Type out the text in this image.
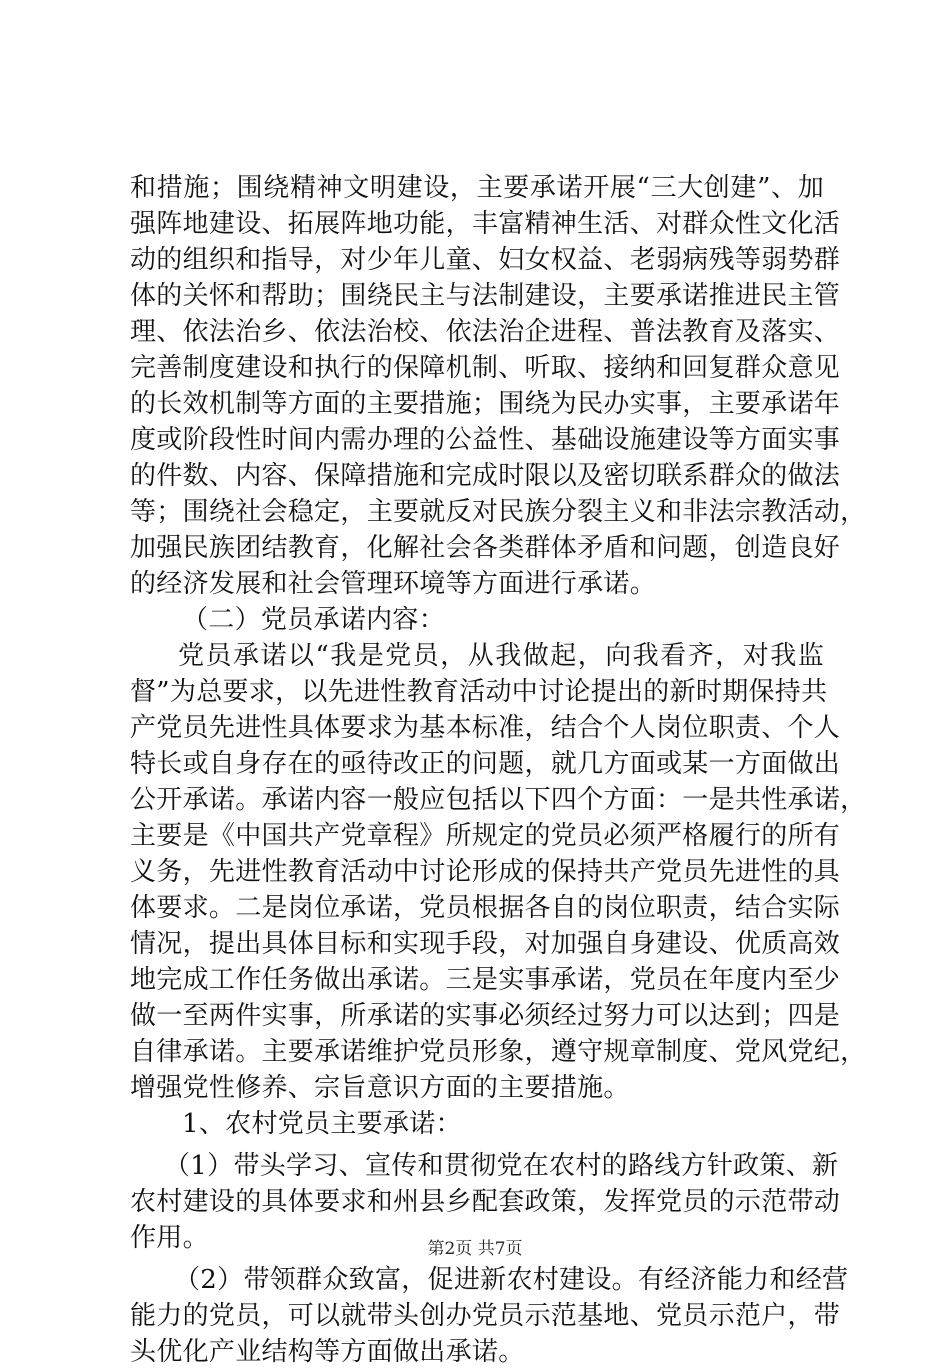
和措施；围绕精神文明建设，主要承诺开展“三大创建”、加
强阵地建设、拓展阵地功能，丰富精神生活、对群众性文化活
动的组织和指导，对少年儿童、妇女权益、老弱病残等弱势群
体的关怀和帮助；围绕民主与法制建设，主要承诺推进民主管
理、依法治乡、依法治校、依法治企进程、普法教育及落实、
完善制度建设和执行的保障机制、听取、接纳和回复群众意见
的长效机制等方面的主要措施；围绕为民办实事，主要承诺年
度或阶段性时间内需办理的公益性、基础设施建设等方面实事
的件数、内容、保障措施和完成时限以及密切联系群众的做法
等；围绕社会稳定，主要就反对民族分裂主义和非法宗教活动，
加强民族团结教育，化解社会各类群体矛盾和问题，创造良好
的经济发展和社会管理环境等方面进行承诺。
（二）党员承诺内容：
党员承诺以“我是党员，从我做起，向我看齐，对我监
督”为总要求，以先进性教育活动中讨论提出的新时期保持共
产党员先进性具体要求为基本标准，结合个人岗位职责、个人
特长或自身存在的亟待改正的问题，就几方面或某一方面做出
公开承诺。承诺内容一般应包括以下四个方面：一是共性承诺，
主要是《中国共产党章程》所规定的党员必须严格履行的所有
义务，先进性教育活动中讨论形成的保持共产党员先进性的具
体要求。二是岗位承诺，党员根据各自的岗位职责，结合实际
情况，提出具体目标和实现手段，对加强自身建设、优质高效
地完成工作任务做出承诺。三是实事承诺，党员在年度内至少
做一至两件实事，所承诺的实事必须经过努力可以达到；四是
自律承诺。主要承诺维护党员形象，遵守规章制度、党风党纪，
增强党性修养、宗旨意识方面的主要措施。
1、农村党员主要承诺：
（1）带头学习、宣传和贯彻党在农村的路线方针政策、新
农村建设的具体要求和州县乡配套政策，发挥党员的示范带动
作用。
（2）带领群众致富，促进新农村建设。有经济能力和经营
能力的党员，可以就带头创办党员示范基地、党员示范户，带
头优化产业结构等方面做出承诺。
第2页 共7页
